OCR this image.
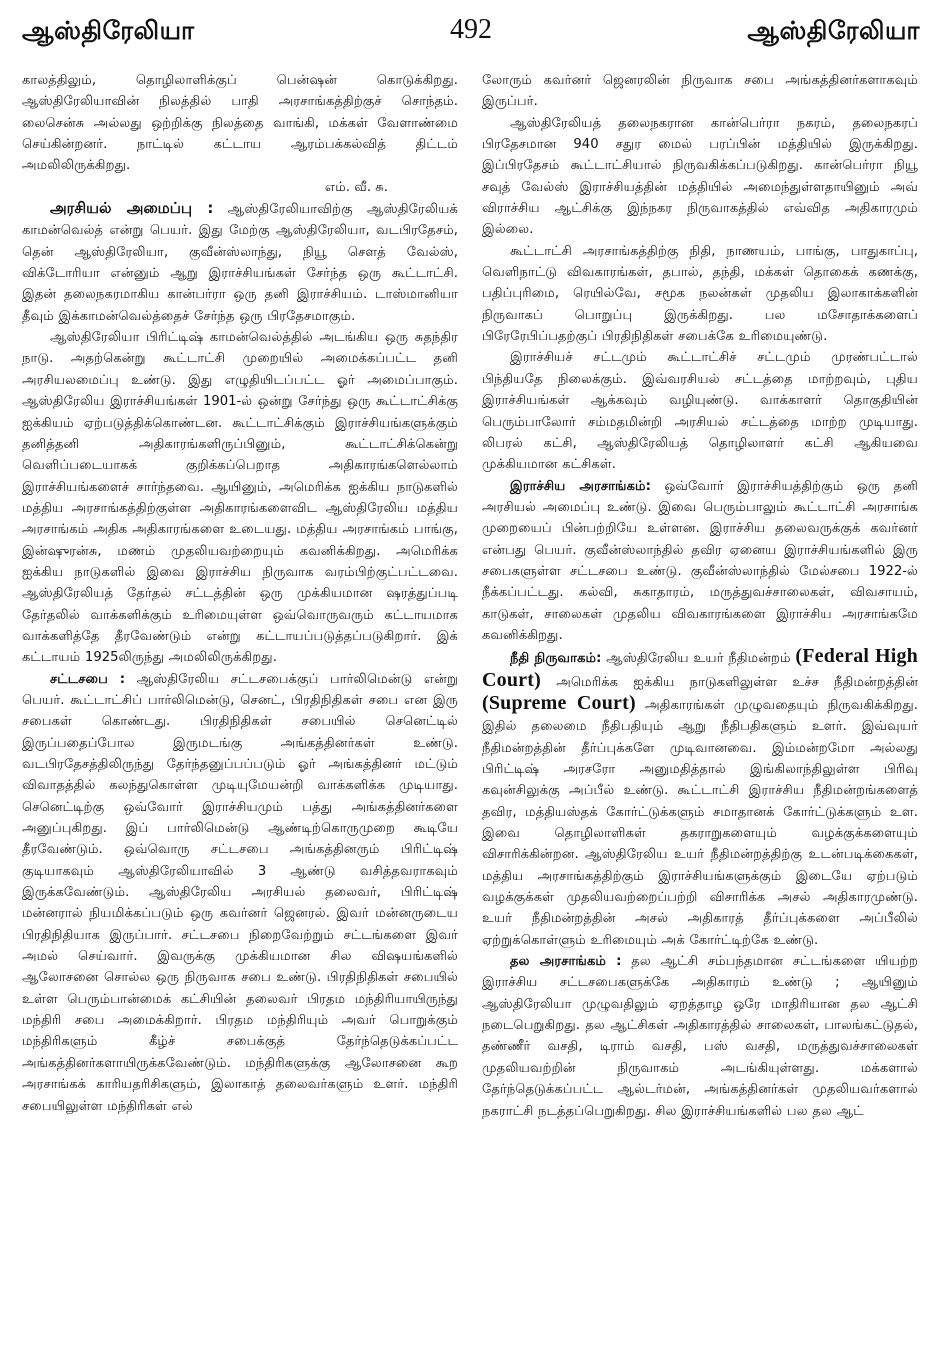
ஆஸ்திரேலியா	492	ஆஸ்திரேலியா

காலத்திலும், தொழிலாளிக்குப் பென்ஷன் கொடுக்கிறது. ஆஸ்திரேலியாவின் நிலத்தில் பாதி அரசாங்கத்திற்குச் சொந்தம். லைசென்சு அல்லது ஒற்றிக்கு நிலத்தை வாங்கி, மக்கள் வேளாண்மை செய்கின்றனர். நாட்டில் கட்டாய ஆரம்பக்கல்வித் திட்டம் அமலிலிருக்கிறது.

எம். வீ. சு.

அரசியல் அமைப்பு : ஆஸ்திரேலியாவிற்கு ஆஸ்திரேலியக் காமன்வெல்த் என்று பெயர். இது மேற்கு ஆஸ்திரேலியா, வடபிரதேசம், தென் ஆஸ்திரேலியா, குவீன்ஸ்லாந்து, நியூ சௌத் வேல்ஸ், விக்டோரியா என்னும் ஆறு இராச்சியங்கள் சேர்ந்த ஒரு கூட்டாட்சி. இதன் தலைநகரமாகிய கான்பர்ரா ஒரு தனி இராச்சியம். டாஸ்மானியா தீவும் இக்காமன்வெல்த்தைச் சேர்ந்த ஒரு பிரதேசமாகும்.

ஆஸ்திரேலியா பிரிட்டிஷ் காமன்வெல்த்தில் அடங்கிய ஒரு சுதந்திர நாடு. அதற்கென்று கூட்டாட்சி முறையில் அமைக்கப்பட்ட தனி அரசியலமைப்பு உண்டு. இது எழுதியிடப்பட்ட ஓர் அமைப்பாகும். ஆஸ்திரேலிய இராச்சியங்கள் 1901-ல் ஒன்று சேர்ந்து ஒரு கூட்டாட்சிக்கு ஐக்கியம் ஏற்படுத்திக்கொண்டன. கூட்டாட்சிக்கும் இராச்சியங்களுக்கும் தனித்தனி அதிகாரங்களிருப்பினும், கூட்டாட்சிக்கென்று வெளிப்படையாகக் குறிக்கப்பெறாத அதிகாரங்களெல்லாம் இராச்சியங்களைச் சார்ந்தவை. ஆயினும், அமெரிக்க ஐக்கிய நாடுகளில் மத்திய அரசாங்கத்திற்குள்ள அதிகாரங்களைவிட ஆஸ்திரேலிய மத்திய அரசாங்கம் அதிக அதிகாரங்களை உடையது. மத்திய அரசாங்கம் பாங்கு, இன்ஷுரன்சு, மணம் முதலியவற்றையும் கவனிக்கிறது. அமெரிக்க ஐக்கிய நாடுகளில் இவை இராச்சிய நிருவாக வரம்பிற்குட்பட்டவை. ஆஸ்திரேலியத் தேர்தல் சட்டத்தின் ஒரு முக்கியமான ஷரத்துப்படி தேர்தலில் வாக்களிக்கும் உரிமையுள்ள ஒவ்வொருவரும் கட்டாயமாக வாக்களித்தே தீரவேண்டும் என்று கட்டாயப்படுத்தப்படுகிறார். இக் கட்டாயம் 1925லிருந்து அமலிலிருக்கிறது.

சட்டசபை : ஆஸ்திரேலிய சட்டசபைக்குப் பார்லிமென்டு என்று பெயர். கூட்டாட்சிப் பார்லிமென்டு, செனட், பிரதிநிதிகள் சபை என இரு சபைகள் கொண்டது. பிரதிநிதிகள் சபையில் செனெட்டில் இருப்பதைப்போல இருமடங்கு அங்கத்தினர்கள் உண்டு. வடபிரதேசத்திலிருந்து தேர்ந்தனுப்பப்படும் ஓர் அங்கத்தினர் மட்டும் விவாதத்தில் கலந்துகொள்ள முடியுமேயன்றி வாக்களிக்க முடியாது. செனெட்டிற்கு ஒவ்வோர் இராச்சியமும் பத்து அங்கத்தினர்களை அனுப்புகிறது. இப் பார்லிமென்டு ஆண்டிற்கொருமுறை கூடியே தீரவேண்டும். ஒவ்வொரு சட்டசபை அங்கத்தினரும் பிரிட்டிஷ் குடியாகவும் ஆஸ்திரேலியாவில் 3 ஆண்டு வசித்தவராகவும் இருக்கவேண்டும். ஆஸ்திரேலிய அரசியல் தலைவர், பிரிட்டிஷ் மன்னரால் நியமிக்கப்படும் ஒரு கவர்னர் ஜெனரல். இவர் மன்னருடைய பிரதிநிதியாக இருப்பார். சட்டசபை நிறைவேற்றும் சட்டங்களை இவர் அமல் செய்வார். இவருக்கு முக்கியமான சில விஷயங்களில் ஆலோசனை சொல்ல ஒரு நிருவாக சபை உண்டு. பிரதிநிதிகள் சபையில் உள்ள பெரும்பான்மைக் கட்சியின் தலைவர் பிரதம மந்திரியாயிருந்து மந்திரி சபை அமைக்கிறார். பிரதம மந்திரியும் அவர் பொறுக்கும் மந்திரிகளும் கீழ்ச் சபைக்குத் தேர்ந்தெடுக்கப்பட்ட அங்கத்தினர்களாயிருக்கவேண்டும். மந்திரிகளுக்கு ஆலோசனை கூற அரசாங்கக் காரியதரிசிகளும், இலாகாத் தலைவர்களும் உளர். மந்திரி சபையிலுள்ள மந்திரிகள் எல்

லோரும் கவர்னர் ஜெனரலின் நிருவாக சபை அங்கத்தினர்களாகவும் இருப்பர்.

ஆஸ்திரேலியத் தலைநகரான கான்பெர்ரா நகரம், தலைநகரப் பிரதேசமான 940 சதுர மைல் பரப்பின் மத்தியில் இருக்கிறது. இப்பிரதேசம் கூட்டாட்சியால் நிருவகிக்கப்படுகிறது. கான்பெர்ரா நியூ சவுத் வேல்ஸ் இராச்சியத்தின் மத்தியில் அமைந்துள்ளதாயினும் அவ் விராச்சிய ஆட்சிக்கு இந்நகர நிருவாகத்தில் எவ்வித அதிகாரமும் இல்லை.

கூட்டாட்சி அரசாங்கத்திற்கு நிதி, நாணயம், பாங்கு, பாதுகாப்பு, வெளிநாட்டு விவகாரங்கள், தபால், தந்தி, மக்கள் தொகைக் கணக்கு, பதிப்புரிமை, ரெயில்வே, சமூக நலன்கள் முதலிய இலாகாக்களின் நிருவாகப் பொறுப்பு இருக்கிறது. பல மசோதாக்களைப் பிரேரேபிப்பதற்குப் பிரதிநிதிகள் சபைக்கே உரிமையுண்டு.

இராச்சியச் சட்டமும் கூட்டாட்சிச் சட்டமும் முரண்பட்டால் பிந்தியதே நிலைக்கும். இவ்வரசியல் சட்டத்தை மாற்றவும், புதிய இராச்சியங்கள் ஆக்கவும் வழியுண்டு. வாக்காளர் தொகுதியின் பெரும்பாலோர் சம்மதமின்றி அரசியல் சட்டத்தை மாற்ற முடியாது. லிபரல் கட்சி, ஆஸ்திரேலியத் தொழிலாளர் கட்சி ஆகியவை முக்கியமான கட்சிகள்.

இராச்சிய அரசாங்கம்: ஒவ்வோர் இராச்சியத்திற்கும் ஒரு தனி அரசியல் அமைப்பு உண்டு. இவை பெரும்பாலும் கூட்டாட்சி அரசாங்க முறையைப் பின்பற்றியே உள்ளன. இராச்சிய தலைவருக்குக் கவர்னர் என்பது பெயர். குவீன்ஸ்லாந்தில் தவிர ஏனைய இராச்சியங்களில் இரு சபைகளுள்ள சட்டசபை உண்டு. குவீன்ஸ்லாந்தில் மேல்சபை 1922-ல் நீக்கப்பட்டது. கல்வி, சுகாதாரம், மருத்துவச்சாலைகள், விவசாயம், காடுகள், சாலைகள் முதலிய விவகாரங்களை இராச்சிய அரசாங்கமே கவனிக்கிறது.

நீதி நிருவாகம்: ஆஸ்திரேலிய உயர் நீதிமன்றம் (Federal High Court) அமெரிக்க ஐக்கிய நாடுகளிலுள்ள உச்ச நீதிமன்றத்தின் (Supreme Court) அதிகாரங்கள் முழுவதையும் நிருவகிக்கிறது. இதில் தலைமை நீதிபதியும் ஆறு நீதிபதிகளும் உளர். இவ்வுயர் நீதிமன்றத்தின் தீர்ப்புக்களே முடிவானவை. இம்மன்றமோ அல்லது பிரிட்டிஷ் அரசரோ அனுமதித்தால் இங்கிலாந்திலுள்ள பிரிவு கவுன்சிலுக்கு அப்பீல் உண்டு. கூட்டாட்சி இராச்சிய நீதிமன்றங்களைத் தவிர, மத்தியஸ்தக் கோர்ட்டுக்களும் சமாதானக் கோர்ட்டுக்களும் உள. இவை தொழிலாளிகள் தகராறுகளையும் வழக்குக்களையும் விசாரிக்கின்றன. ஆஸ்திரேலிய உயர் நீதிமன்றத்திற்கு உடன்படிக்கைகள், மத்திய அரசாங்கத்திற்கும் இராச்சியங்களுக்கும் இடையே ஏற்படும் வழக்குக்கள் முதலியவற்றைப்பற்றி விசாரிக்க அசல் அதிகாரமுண்டு. உயர் நீதிமன்றத்தின் அசல் அதிகாரத் தீர்ப்புக்களை அப்பீலில் ஏற்றுக்கொள்ளும் உரிமையும் அக் கோர்ட்டிற்கே உண்டு.

தல அரசாங்கம் : தல ஆட்சி சம்பந்தமான சட்டங்களை யியற்ற இராச்சிய சட்டசபைகளுக்கே அதிகாரம் உண்டு ; ஆயினும் ஆஸ்திரேலியா முழுவதிலும் ஏறத்தாழ ஒரே மாதிரியான தல ஆட்சி நடைபெறுகிறது. தல ஆட்சிகள் அதிகாரத்தில் சாலைகள், பாலங்கட்டுதல், தண்ணீர் வசதி, டிராம் வசதி, பஸ் வசதி, மருத்துவச்சாலைகள் முதலியவற்றின் நிருவாகம் அடங்கியுள்ளது. மக்களால் தேர்ந்தெடுக்கப்பட்ட ஆல்டர்மன், அங்கத்தினர்கள் முதலியவர்களால் நகராட்சி நடத்தப்பெறுகிறது. சில இராச்சியங்களில் பல தல ஆட்
